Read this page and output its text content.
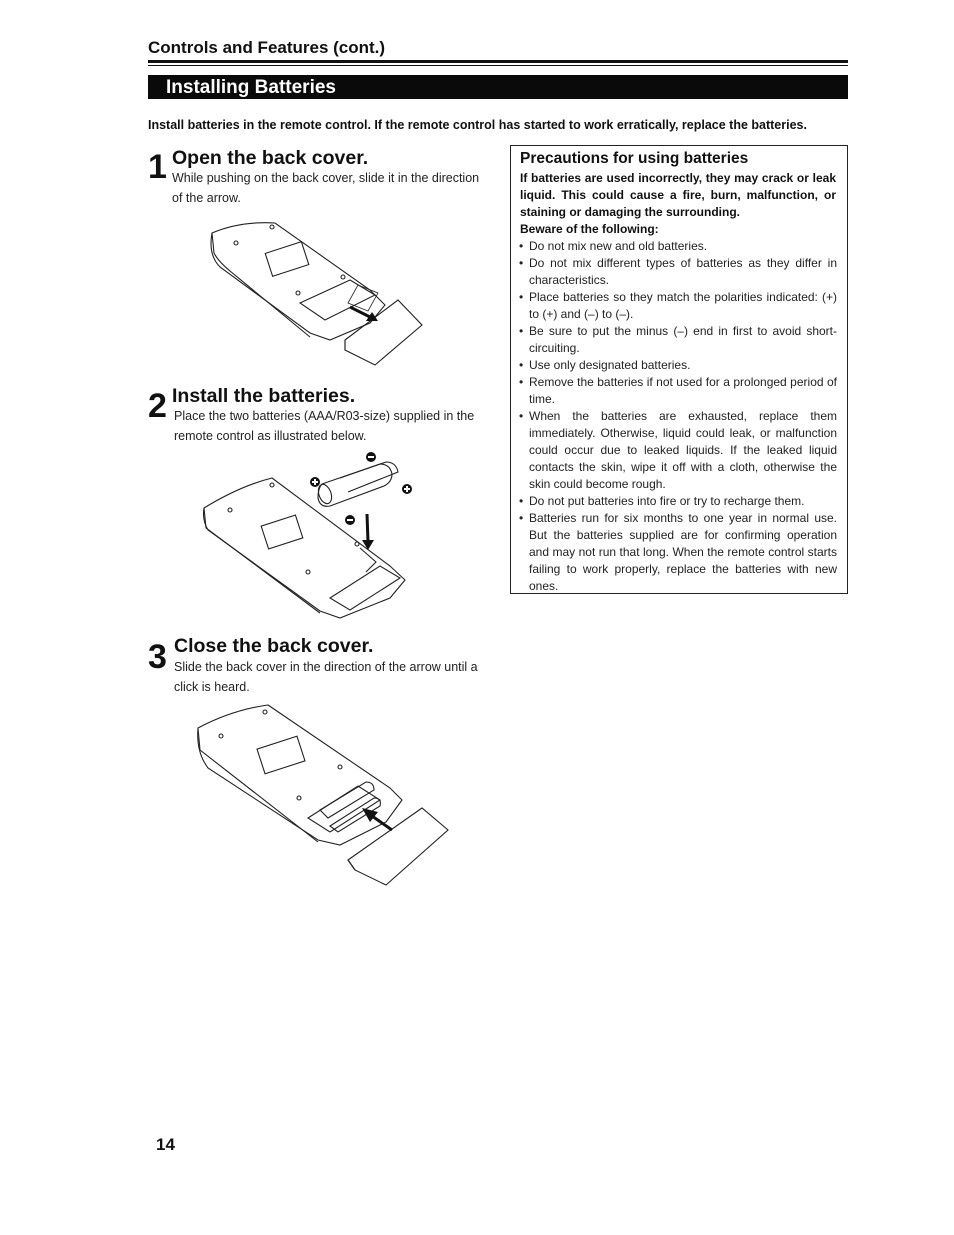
Controls and Features (cont.)
Installing Batteries
Install batteries in the remote control. If the remote control has started to work erratically, replace the batteries.
1 Open the back cover.
While pushing on the back cover, slide it in the direction of the arrow.
2 Install the batteries.
Place the two batteries (AAA/R03-size) supplied in the remote control as illustrated below.
3 Close the back cover.
Slide the back cover in the direction of the arrow until a click is heard.
Precautions for using batteries
If batteries are used incorrectly, they may crack or leak liquid. This could cause a fire, burn, malfunction, or staining or damaging the surrounding.
Beware of the following:
• Do not mix new and old batteries.
• Do not mix different types of batteries as they differ in characteristics.
• Place batteries so they match the polarities indicated: (+) to (+) and (–) to (–).
• Be sure to put the minus (–) end in first to avoid short-circuiting.
• Use only designated batteries.
• Remove the batteries if not used for a prolonged period of time.
• When the batteries are exhausted, replace them immediately. Otherwise, liquid could leak, or malfunction could occur due to leaked liquids. If the leaked liquid contacts the skin, wipe it off with a cloth, otherwise the skin could become rough.
• Do not put batteries into fire or try to recharge them.
• Batteries run for six months to one year in normal use. But the batteries supplied are for confirming operation and may not run that long. When the remote control starts failing to work properly, replace the batteries with new ones.
14
